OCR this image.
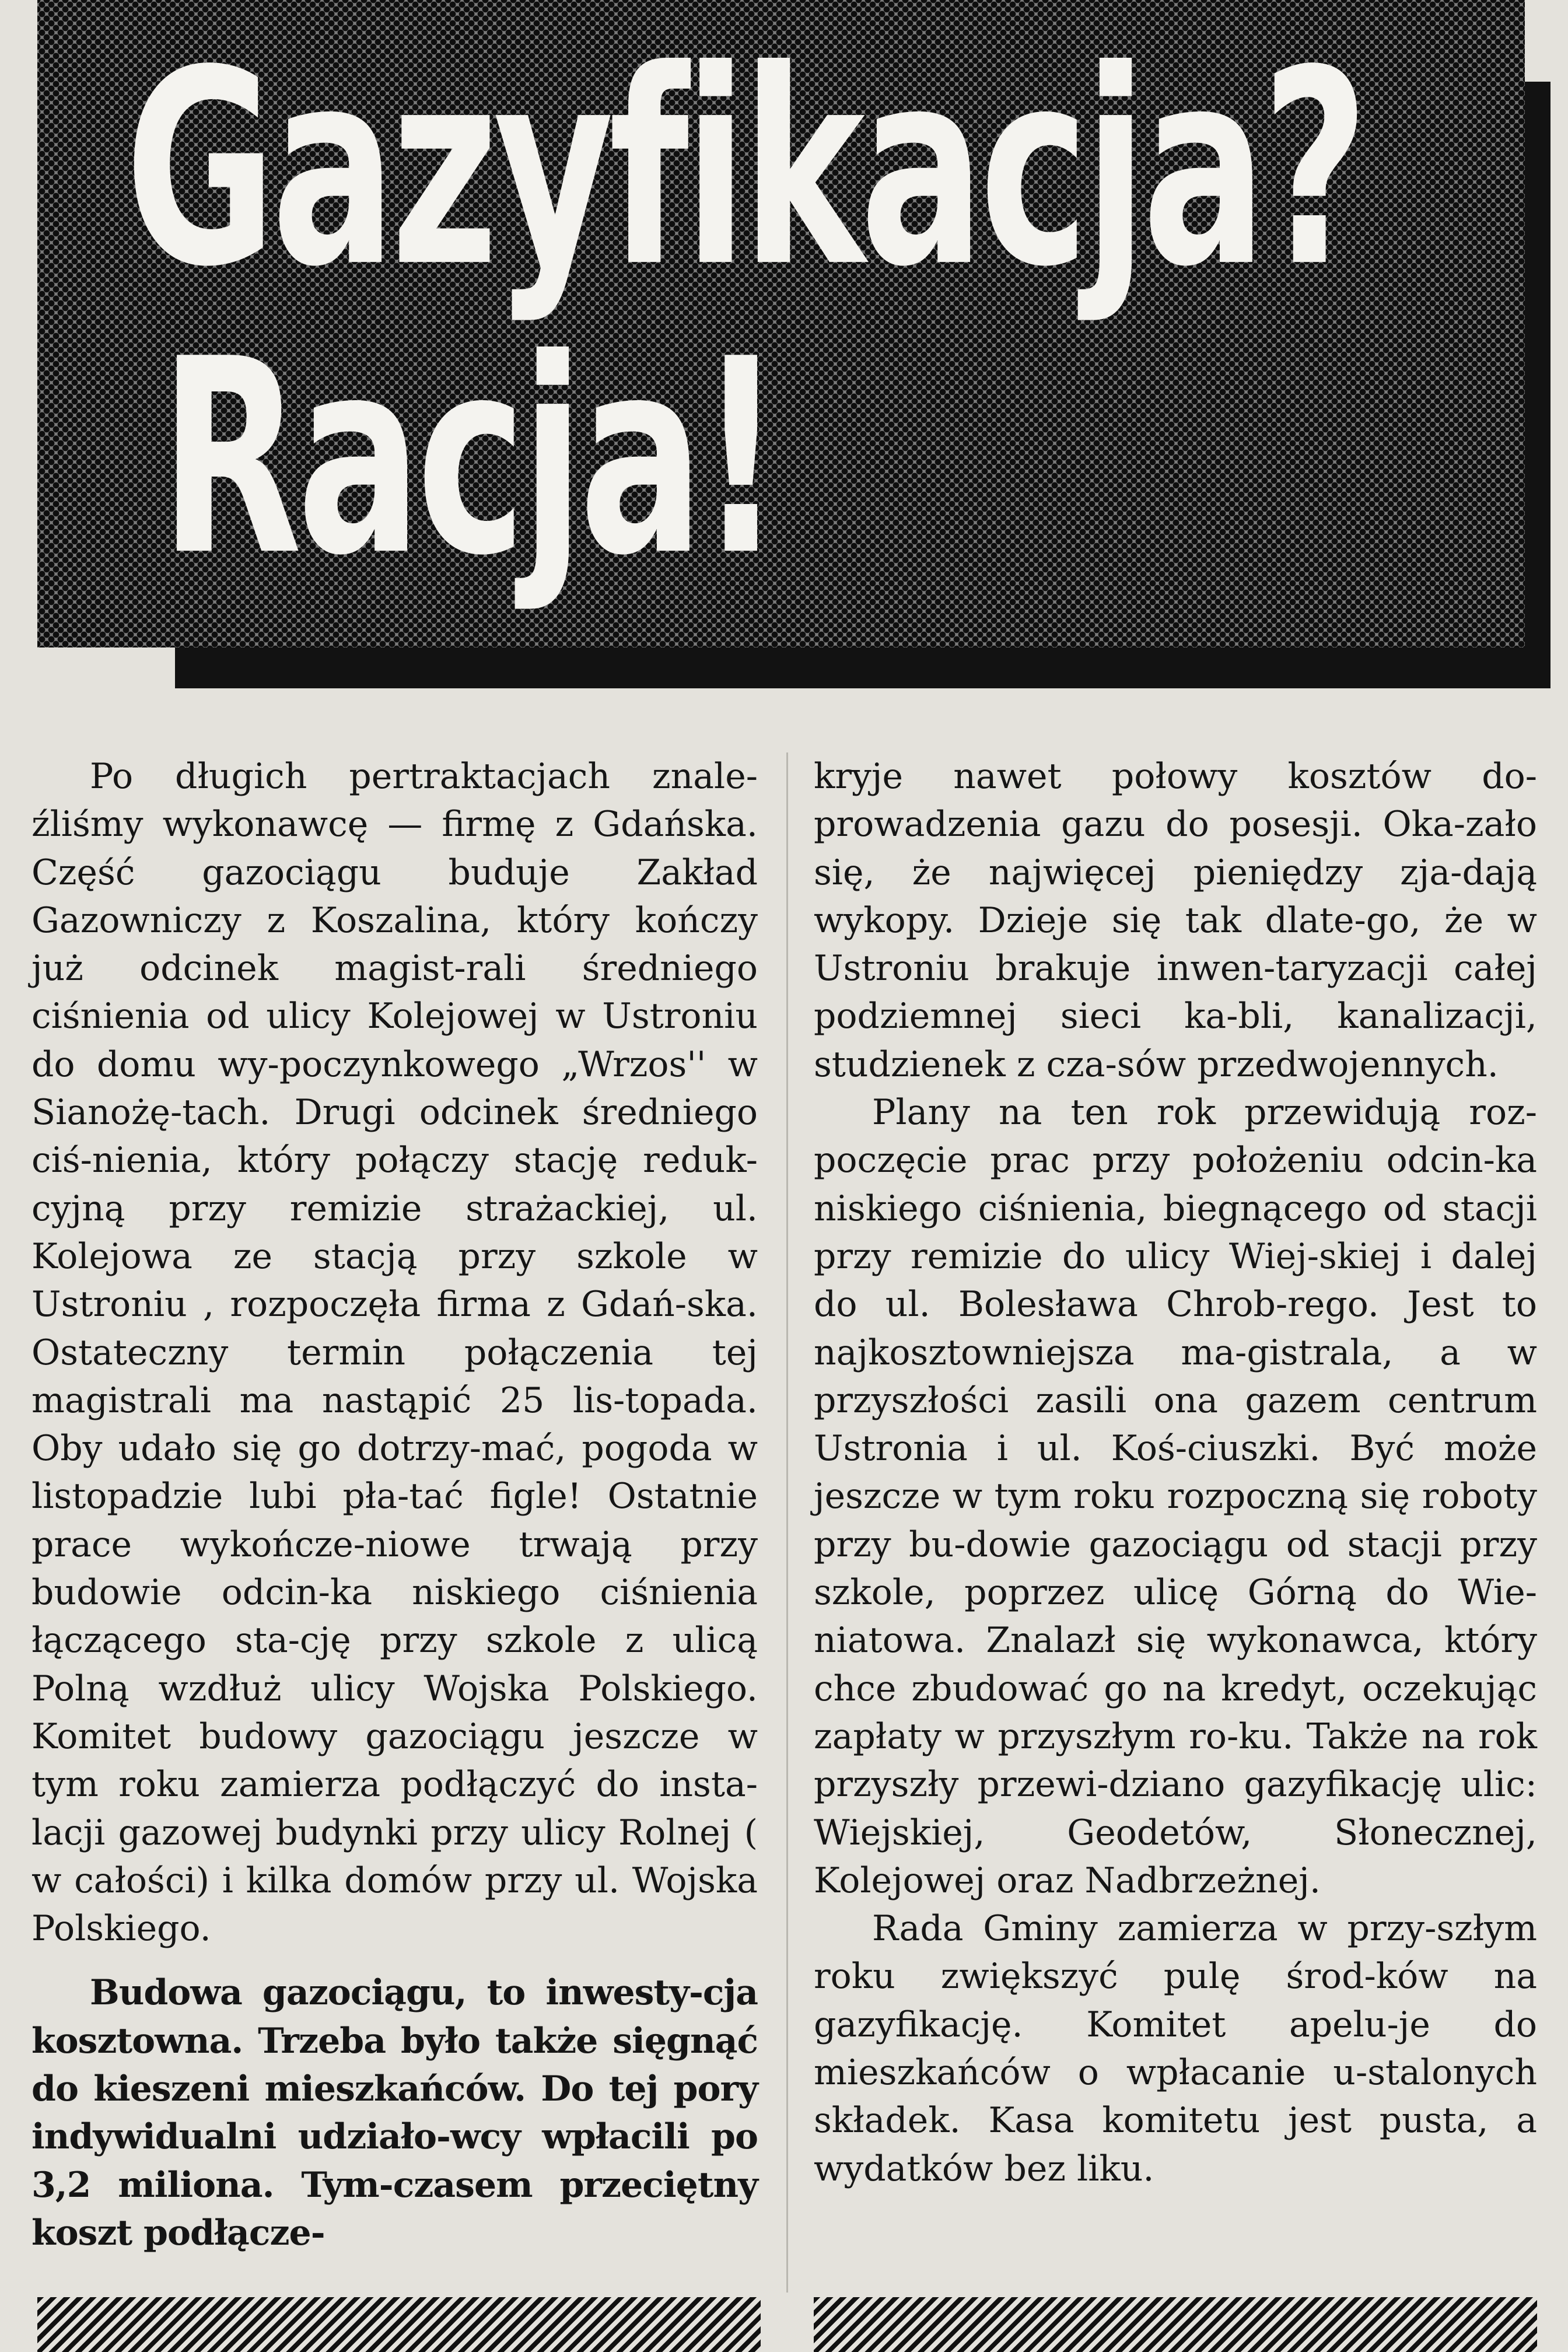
Gazyfikacja?
Racja!

Po długich pertraktacjach znale-źliśmy wykonawcę — firmę z Gdańska. Część gazociągu buduje Zakład Gazowniczy z Koszalina, który kończy już odcinek magist-rali średniego ciśnienia od ulicy Kolejowej w Ustroniu do domu wy-poczynkowego „Wrzos'' w Sianożę-tach. Drugi odcinek średniego ciś-nienia, który połączy stację reduk-cyjną przy remizie strażackiej, ul. Kolejowa ze stacją przy szkole w Ustroniu , rozpoczęła firma z Gdań-ska. Ostateczny termin połączenia tej magistrali ma nastąpić 25 lis-topada. Oby udało się go dotrzy-mać, pogoda w listopadzie lubi pła-tać figle! Ostatnie prace wykończe-niowe trwają przy budowie odcin-ka niskiego ciśnienia łączącego sta-cję przy szkole z ulicą Polną wzdłuż ulicy Wojska Polskiego. Komitet budowy gazociągu jeszcze w tym roku zamierza podłączyć do insta-lacji gazowej budynki przy ulicy Rolnej ( w całości) i kilka domów przy ul. Wojska Polskiego.

Budowa gazociągu, to inwesty-cja kosztowna. Trzeba było także sięgnąć do kieszeni mieszkańców. Do tej pory indywidualni udziało-wcy wpłacili po 3,2 miliona. Tym-czasem przeciętny koszt podłącze-

kryje nawet połowy kosztów do-prowadzenia gazu do posesji. Oka-zało się, że najwięcej pieniędzy zja-dają wykopy. Dzieje się tak dlate-go, że w Ustroniu brakuje inwen-taryzacji całej podziemnej sieci ka-bli, kanalizacji, studzienek z cza-sów przedwojennych.

Plany na ten rok przewidują roz-poczęcie prac przy położeniu odcin-ka niskiego ciśnienia, biegnącego od stacji przy remizie do ulicy Wiej-skiej i dalej do ul. Bolesława Chrob-rego. Jest to najkosztowniejsza ma-gistrala, a w przyszłości zasili ona gazem centrum Ustronia i ul. Koś-ciuszki. Być może jeszcze w tym roku rozpoczną się roboty przy bu-dowie gazociągu od stacji przy szkole, poprzez ulicę Górną do Wie-niatowa. Znalazł się wykonawca, który chce zbudować go na kredyt, oczekując zapłaty w przyszłym ro-ku. Także na rok przyszły przewi-dziano gazyfikację ulic: Wiejskiej, Geodetów, Słonecznej, Kolejowej oraz Nadbrzeżnej.

Rada Gminy zamierza w przy-szłym roku zwiększyć pulę środ-ków na gazyfikację. Komitet apelu-je do mieszkańców o wpłacanie u-stalonych składek. Kasa komitetu jest pusta, a wydatków bez liku.
